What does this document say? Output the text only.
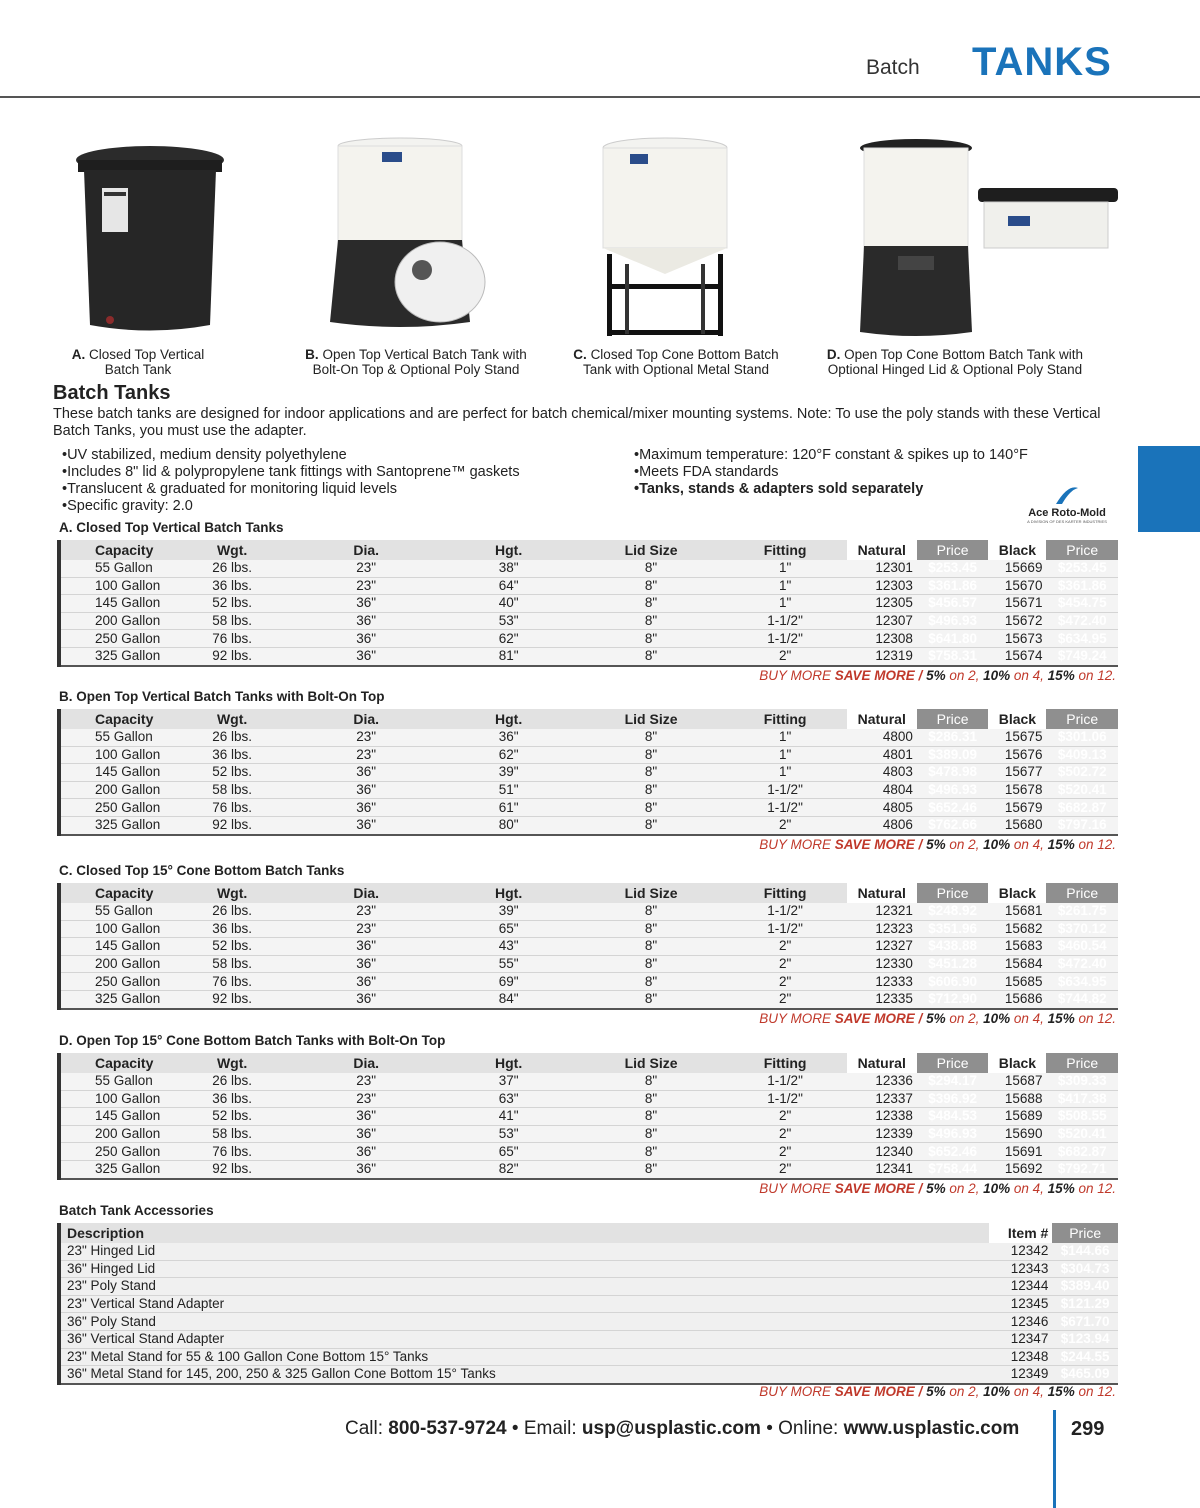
Batch TANKS
A. Closed Top Vertical
Batch Tank
B. Open Top Vertical Batch Tank with
Bolt-On Top & Optional Poly Stand
C. Closed Top Cone Bottom Batch
Tank with Optional Metal Stand
D. Open Top Cone Bottom Batch Tank with
Optional Hinged Lid & Optional Poly Stand
Batch Tanks
These batch tanks are designed for indoor applications and are perfect for batch chemical/mixer mounting systems. Note: To use the poly stands with these Vertical Batch Tanks, you must use the adapter.
• UV stabilized, medium density polyethylene
• Includes 8" lid & polypropylene tank fittings with Santoprene™ gaskets
• Translucent & graduated for monitoring liquid levels
• Specific gravity: 2.0
• Maximum temperature: 120°F constant & spikes up to 140°F
• Meets FDA standards
• Tanks, stands & adapters sold separately
Ace Roto-Mold
A DIVISION OF DES KARTER INDUSTRIES
A. Closed Top Vertical Batch Tanks
Capacity	Wgt.	Dia.	Hgt.	Lid Size	Fitting	Natural	Price	Black	Price
55 Gallon	26 lbs.	23"	38"	8"	1"	12301	$253.45	15669	$253.45
100 Gallon	36 lbs.	23"	64"	8"	1"	12303	$361.86	15670	$361.86
145 Gallon	52 lbs.	36"	40"	8"	1"	12305	$456.57	15671	$454.75
200 Gallon	58 lbs.	36"	53"	8"	1-1/2"	12307	$496.93	15672	$472.40
250 Gallon	76 lbs.	36"	62"	8"	1-1/2"	12308	$641.80	15673	$634.95
325 Gallon	92 lbs.	36"	81"	8"	2"	12319	$758.31	15674	$749.24
BUY MORE SAVE MORE / 5% on 2, 10% on 4, 15% on 12.
B. Open Top Vertical Batch Tanks with Bolt-On Top
Capacity	Wgt.	Dia.	Hgt.	Lid Size	Fitting	Natural	Price	Black	Price
55 Gallon	26 lbs.	23"	36"	8"	1"	4800	$286.31	15675	$301.06
100 Gallon	36 lbs.	23"	62"	8"	1"	4801	$389.09	15676	$409.13
145 Gallon	52 lbs.	36"	39"	8"	1"	4803	$478.98	15677	$502.72
200 Gallon	58 lbs.	36"	51"	8"	1-1/2"	4804	$496.93	15678	$520.41
250 Gallon	76 lbs.	36"	61"	8"	1-1/2"	4805	$652.46	15679	$682.87
325 Gallon	92 lbs.	36"	80"	8"	2"	4806	$762.66	15680	$797.16
BUY MORE SAVE MORE / 5% on 2, 10% on 4, 15% on 12.
C. Closed Top 15° Cone Bottom Batch Tanks
Capacity	Wgt.	Dia.	Hgt.	Lid Size	Fitting	Natural	Price	Black	Price
55 Gallon	26 lbs.	23"	39"	8"	1-1/2"	12321	$248.92	15681	$261.75
100 Gallon	36 lbs.	23"	65"	8"	1-1/2"	12323	$351.96	15682	$370.12
145 Gallon	52 lbs.	36"	43"	8"	2"	12327	$438.88	15683	$460.54
200 Gallon	58 lbs.	36"	55"	8"	2"	12330	$451.28	15684	$472.40
250 Gallon	76 lbs.	36"	69"	8"	2"	12333	$606.90	15685	$634.95
325 Gallon	92 lbs.	36"	84"	8"	2"	12335	$712.90	15686	$744.82
BUY MORE SAVE MORE / 5% on 2, 10% on 4, 15% on 12.
D. Open Top 15° Cone Bottom Batch Tanks with Bolt-On Top
Capacity	Wgt.	Dia.	Hgt.	Lid Size	Fitting	Natural	Price	Black	Price
55 Gallon	26 lbs.	23"	37"	8"	1-1/2"	12336	$294.17	15687	$309.33
100 Gallon	36 lbs.	23"	63"	8"	1-1/2"	12337	$396.92	15688	$417.38
145 Gallon	52 lbs.	36"	41"	8"	2"	12338	$484.53	15689	$508.55
200 Gallon	58 lbs.	36"	53"	8"	2"	12339	$496.93	15690	$520.41
250 Gallon	76 lbs.	36"	65"	8"	2"	12340	$652.46	15691	$682.87
325 Gallon	92 lbs.	36"	82"	8"	2"	12341	$758.44	15692	$792.71
BUY MORE SAVE MORE / 5% on 2, 10% on 4, 15% on 12.
Batch Tank Accessories
Description	Item #	Price
23" Hinged Lid	12342	$144.66
36" Hinged Lid	12343	$304.73
23" Poly Stand	12344	$389.40
23" Vertical Stand Adapter	12345	$121.29
36" Poly Stand	12346	$671.70
36" Vertical Stand Adapter	12347	$123.94
23" Metal Stand for 55 & 100 Gallon Cone Bottom 15° Tanks	12348	$244.55
36" Metal Stand for 145, 200, 250 & 325 Gallon Cone Bottom 15° Tanks	12349	$465.09
BUY MORE SAVE MORE / 5% on 2, 10% on 4, 15% on 12.
Call: 800-537-9724 • Email: usp@usplastic.com • Online: www.usplastic.com	299
